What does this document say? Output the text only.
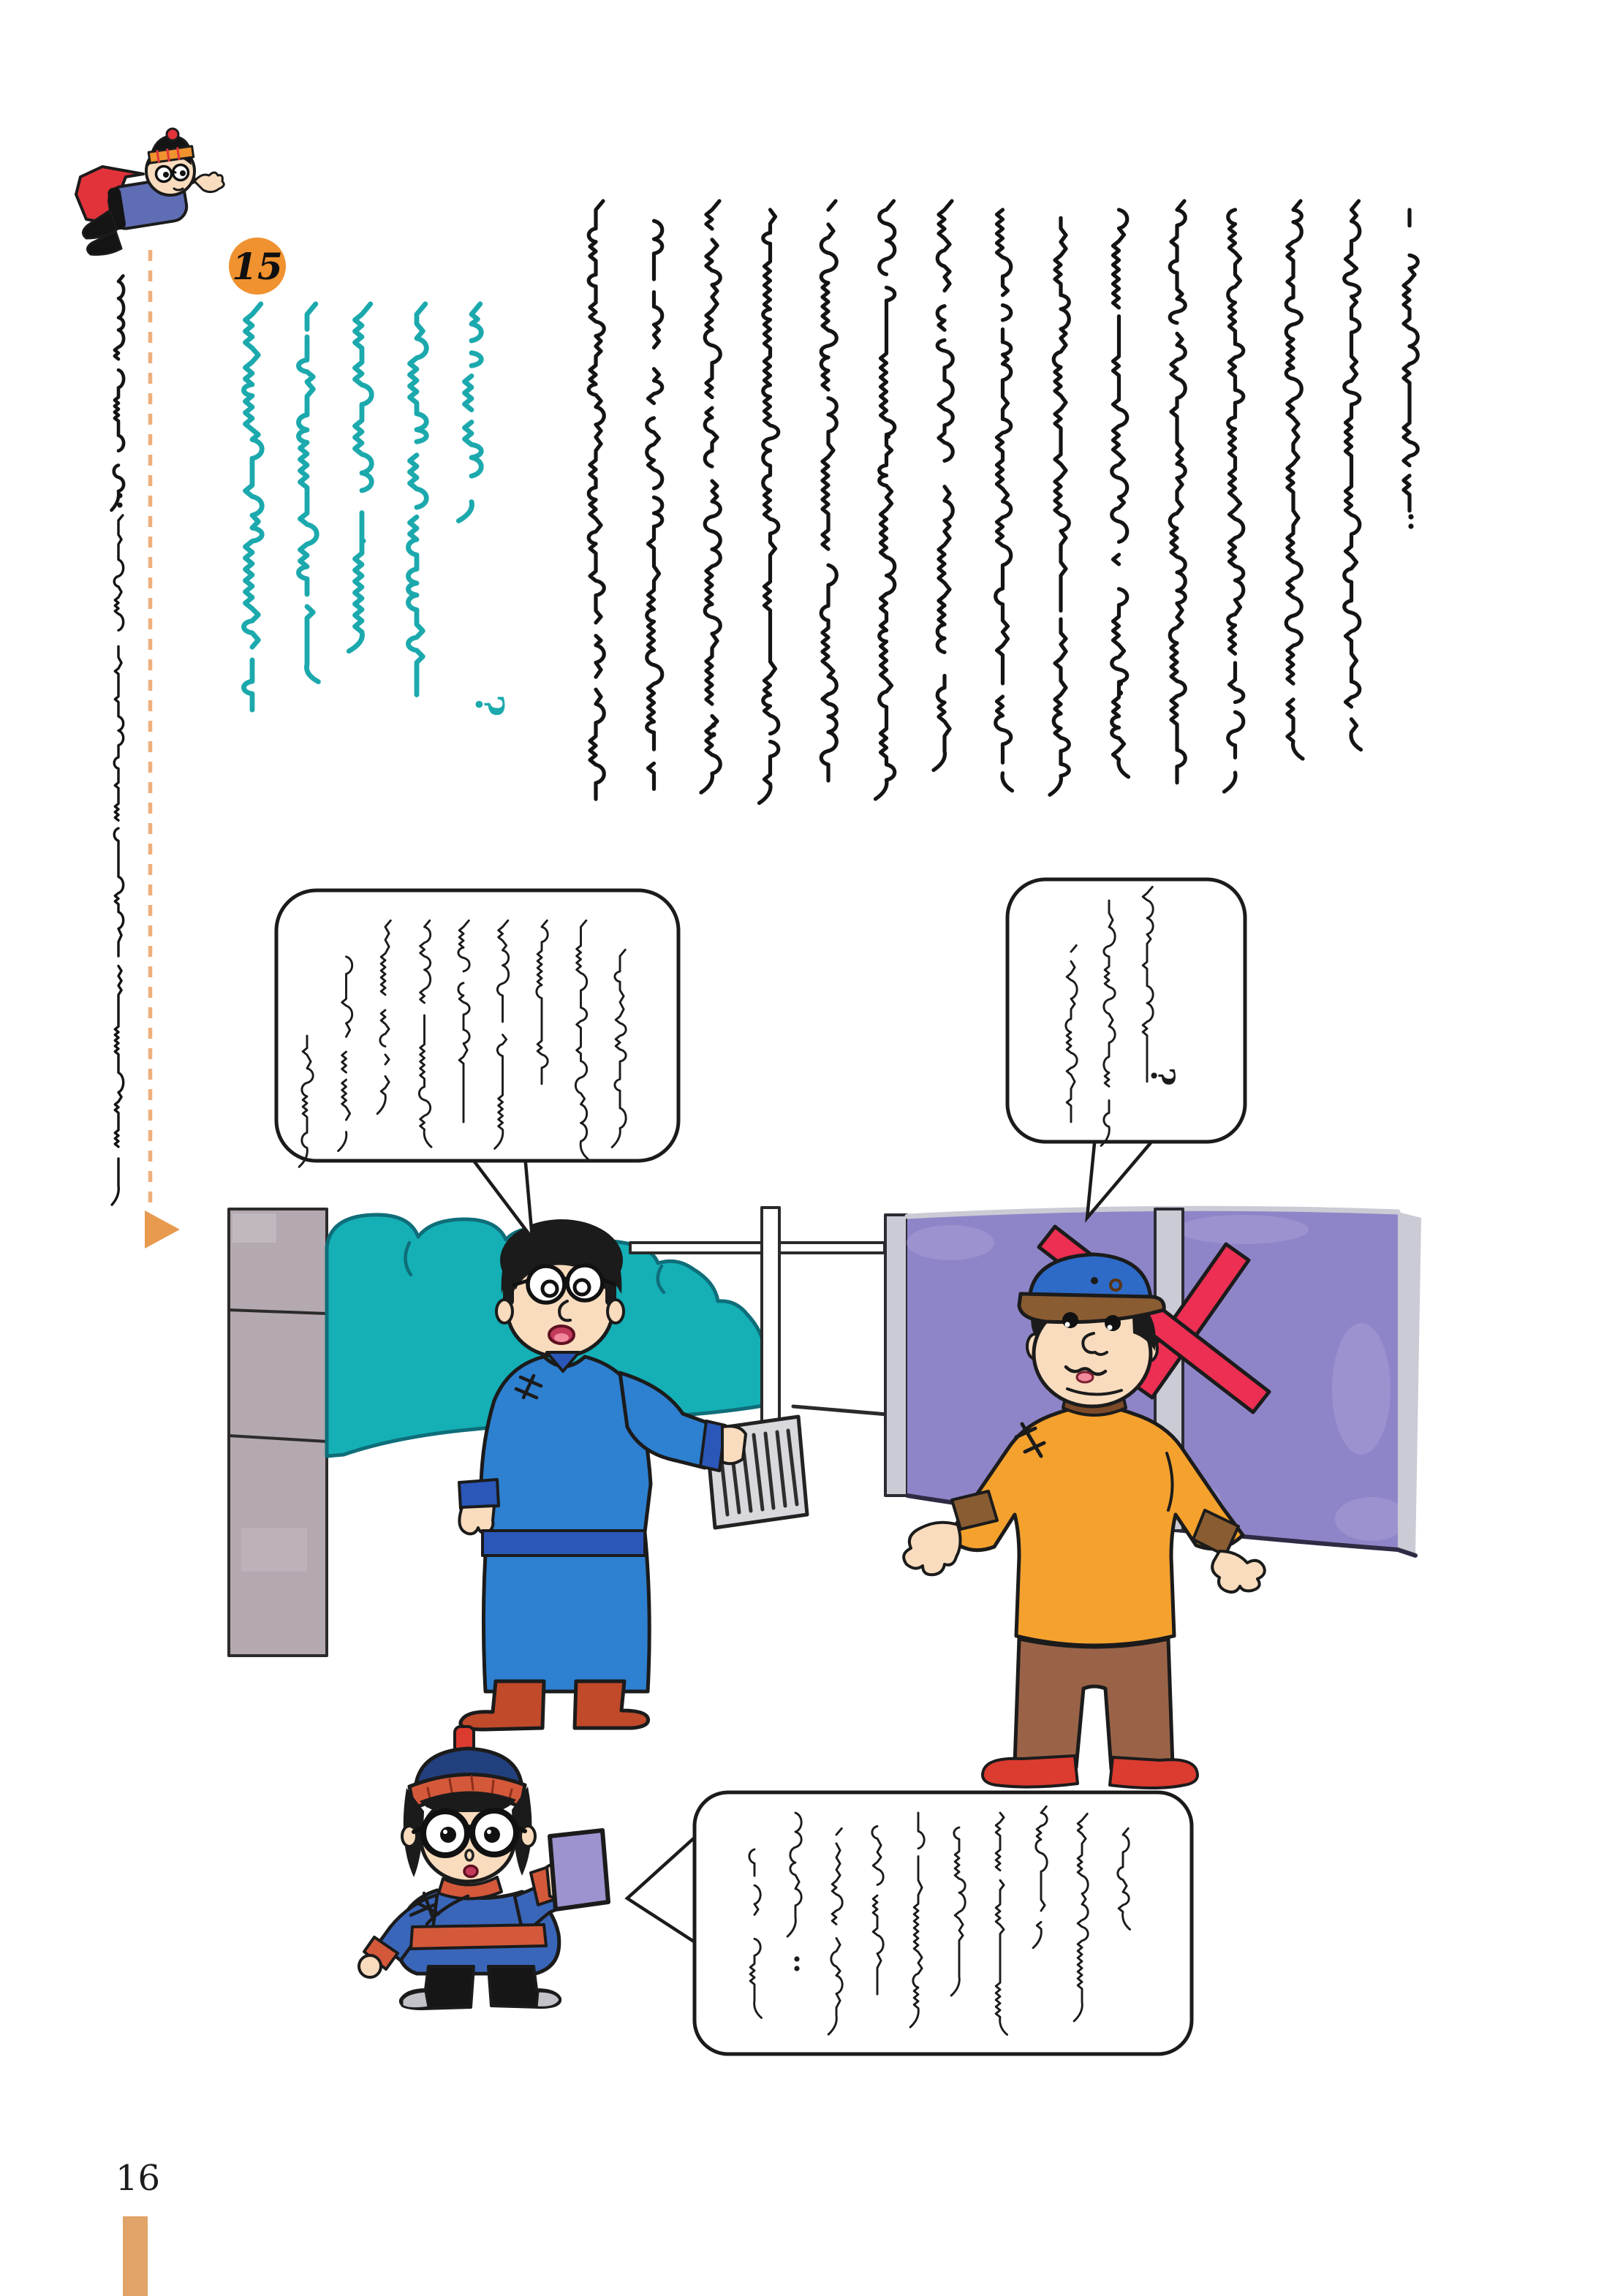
15
?
?
16
